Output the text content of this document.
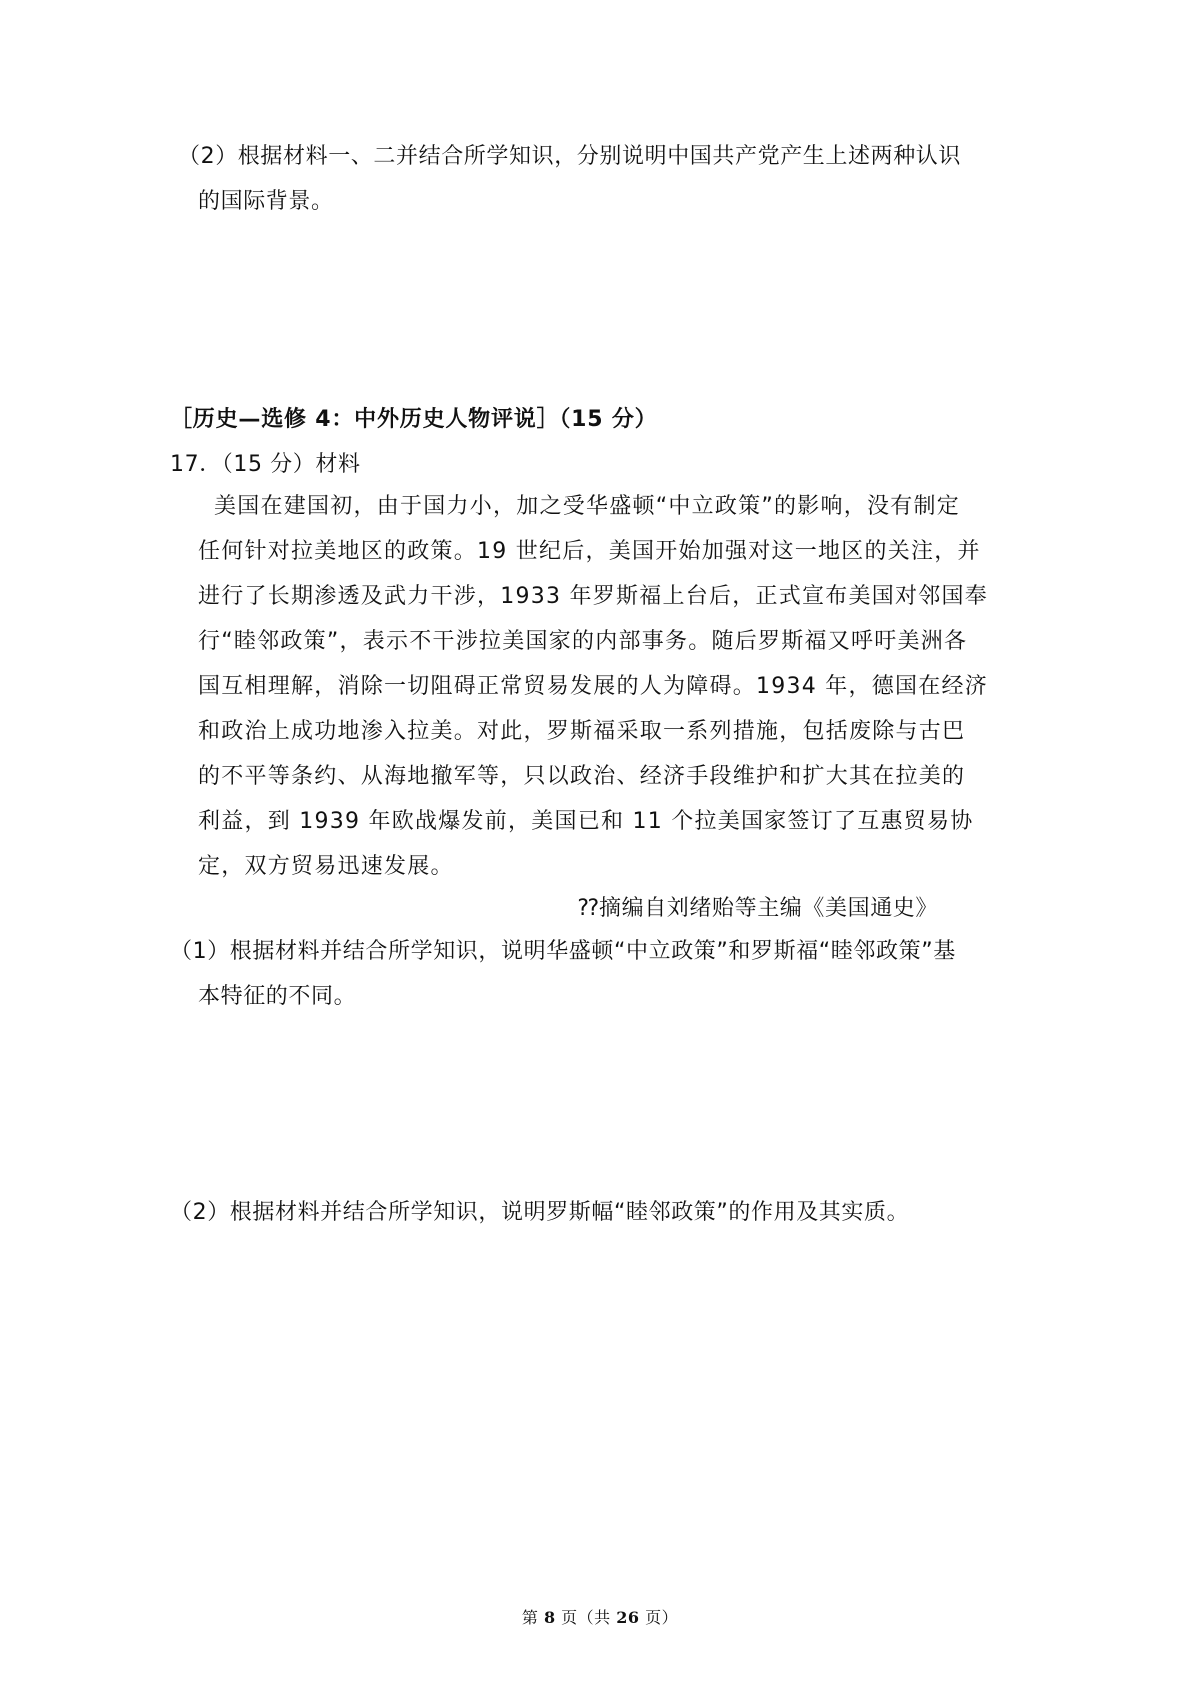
（2）根据材料一、二并结合所学知识，分别说明中国共产党产生上述两种认识
的国际背景。
［历史—选修 4：中外历史人物评说］（15 分）
17．（15 分）材料
美国在建国初，由于国力小，加之受华盛顿“中立政策”的影响，没有制定
任何针对拉美地区的政策。19 世纪后，美国开始加强对这一地区的关注，并
进行了长期渗透及武力干涉，1933 年罗斯福上台后，正式宣布美国对邻国奉
行“睦邻政策”，表示不干涉拉美国家的内部事务。随后罗斯福又呼吁美洲各
国互相理解，消除一切阻碍正常贸易发展的人为障碍。1934 年，德国在经济
和政治上成功地渗入拉美。对此，罗斯福采取一系列措施，包括废除与古巴
的不平等条约、从海地撤军等，只以政治、经济手段维护和扩大其在拉美的
利益，到 1939 年欧战爆发前，美国已和 11 个拉美国家签订了互惠贸易协
定，双方贸易迅速发展。
⁇摘编自刘绪贻等主编《美国通史》
（1）根据材料并结合所学知识，说明华盛顿“中立政策”和罗斯福“睦邻政策”基
本特征的不同。
（2）根据材料并结合所学知识，说明罗斯幅“睦邻政策”的作用及其实质。
第 8 页（共 26 页）
